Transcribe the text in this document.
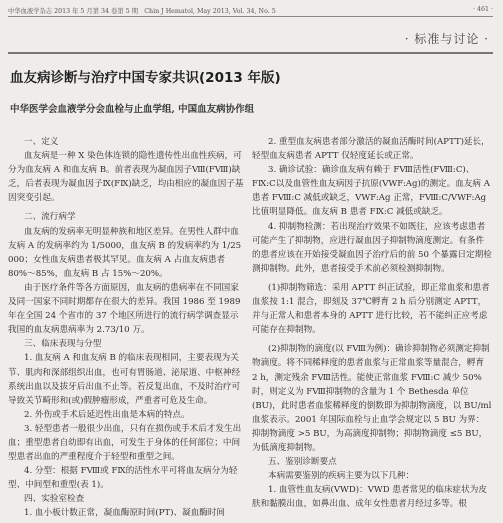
中华血液学杂志 2013 年 5 月第 34 卷第 5 期　Chin J Hematol, May 2013, Vol. 34, No. 5	· 461 ·
· 标准与讨论 ·
血友病诊断与治疗中国专家共识(2013 年版)
中华医学会血液学分会血栓与止血学组, 中国血友病协作组

一、定义

血友病是一种 X 染色体连锁的隐性遗传性出血性疾病，可分为血友病 A 和血友病 B。前者表现为凝血因子Ⅷ(FⅧ)缺乏，后者表现为凝血因子Ⅸ(FⅨ)缺乏，均由相应的凝血因子基因突变引起。

二、流行病学

血友病的发病率无明显种族和地区差异。在男性人群中血友病 A 的发病率约为 1/5000，血友病 B 的发病率约为 1/25 000；女性血友病患者极其罕见。血友病 A 占血友病患者 80%～85%，血友病 B 占 15%～20%。

由于医疗条件等各方面原因，血友病的患病率在不同国家及同一国家不同时期都存在很大的差异。我国 1986 至 1989 年在全国 24 个省市的 37 个地区所进行的流行病学调查显示我国的血友病患病率为 2.73/10 万。

三、临床表现与分型

1. 血友病 A 和血友病 B 的临床表现相同，主要表现为关节、肌肉和深部组织出血，也可有胃肠道、泌尿道、中枢神经系统出血以及拔牙后出血不止等。若反复出血，不及时治疗可导致关节畸形和(或)假肿瘤形成，严重者可危及生命。

2. 外伤或手术后延迟性出血是本病的特点。

3. 轻型患者一般很少出血，只有在损伤或手术后才发生出血；重型患者自幼即有出血，可发生于身体的任何部位；中间型患者出血的严重程度介于轻型和重型之间。

4. 分型：根据 FⅧ或 FⅨ的活性水平可将血友病分为轻型、中间型和重型(表 1)。

四、实验室检查

1. 血小板计数正常，凝血酶原时间(PT)、凝血酶时间

2. 重型血友病患者部分激活的凝血活酶时间(APTT)延长，轻型血友病患者 APTT 仅轻度延长或正常。

3. 确诊试验：确诊血友病有赖于 FⅧ活性(FⅧ:C)、FⅨ:C以及血管性血友病因子抗原(VWF:Ag)的测定。血友病 A 患者 FⅧ:C 减低或缺乏，VWF:Ag 正常，FⅧ:C/VWF:Ag 比值明显降低。血友病 B 患者 FⅨ:C 减低或缺乏。

4. 抑制物检测：若出现治疗效果不如既往，应该考虑患者可能产生了抑制物，应进行凝血因子抑制物滴度测定。有条件的患者应该在开始接受凝血因子治疗后的前 50 个暴露日定期检测抑制物。此外，患者接受手术前必须检测抑制物。

(1)抑制物筛选：采用 APTT 纠正试验，即正常血浆和患者血浆按 1:1 混合，即刻及 37℃孵育 2 h 后分别测定 APTT，并与正常人和患者本身的 APTT 进行比较，若不能纠正应考虑可能存在抑制物。

(2)抑制物的滴度(以 FⅧ为例)：确诊抑制物必须测定抑制物滴度。将不同稀释度的患者血浆与正常血浆等量混合，孵育 2 h，测定残余 FⅧ活性。能使正常血浆 FⅧ:C 减少 50%时，则定义为 FⅧ抑制物的含量为 1 个 Bethesda 单位(BU)，此时患者血浆稀释度的倒数即为抑制物滴度，以 BU/ml 血浆表示。2001 年国际血栓与止血学会规定以 5 BU 为界：抑制物滴度 >5 BU，为高滴度抑制物；抑制物滴度 ≤5 BU，为低滴度抑制物。

五、鉴别诊断要点

本病需要鉴别的疾病主要为以下几种：

1. 血管性血友病(VWD)：VWD 患者常见的临床症状为皮肤和黏膜出血，如鼻出血、成年女性患者月经过多等。根
